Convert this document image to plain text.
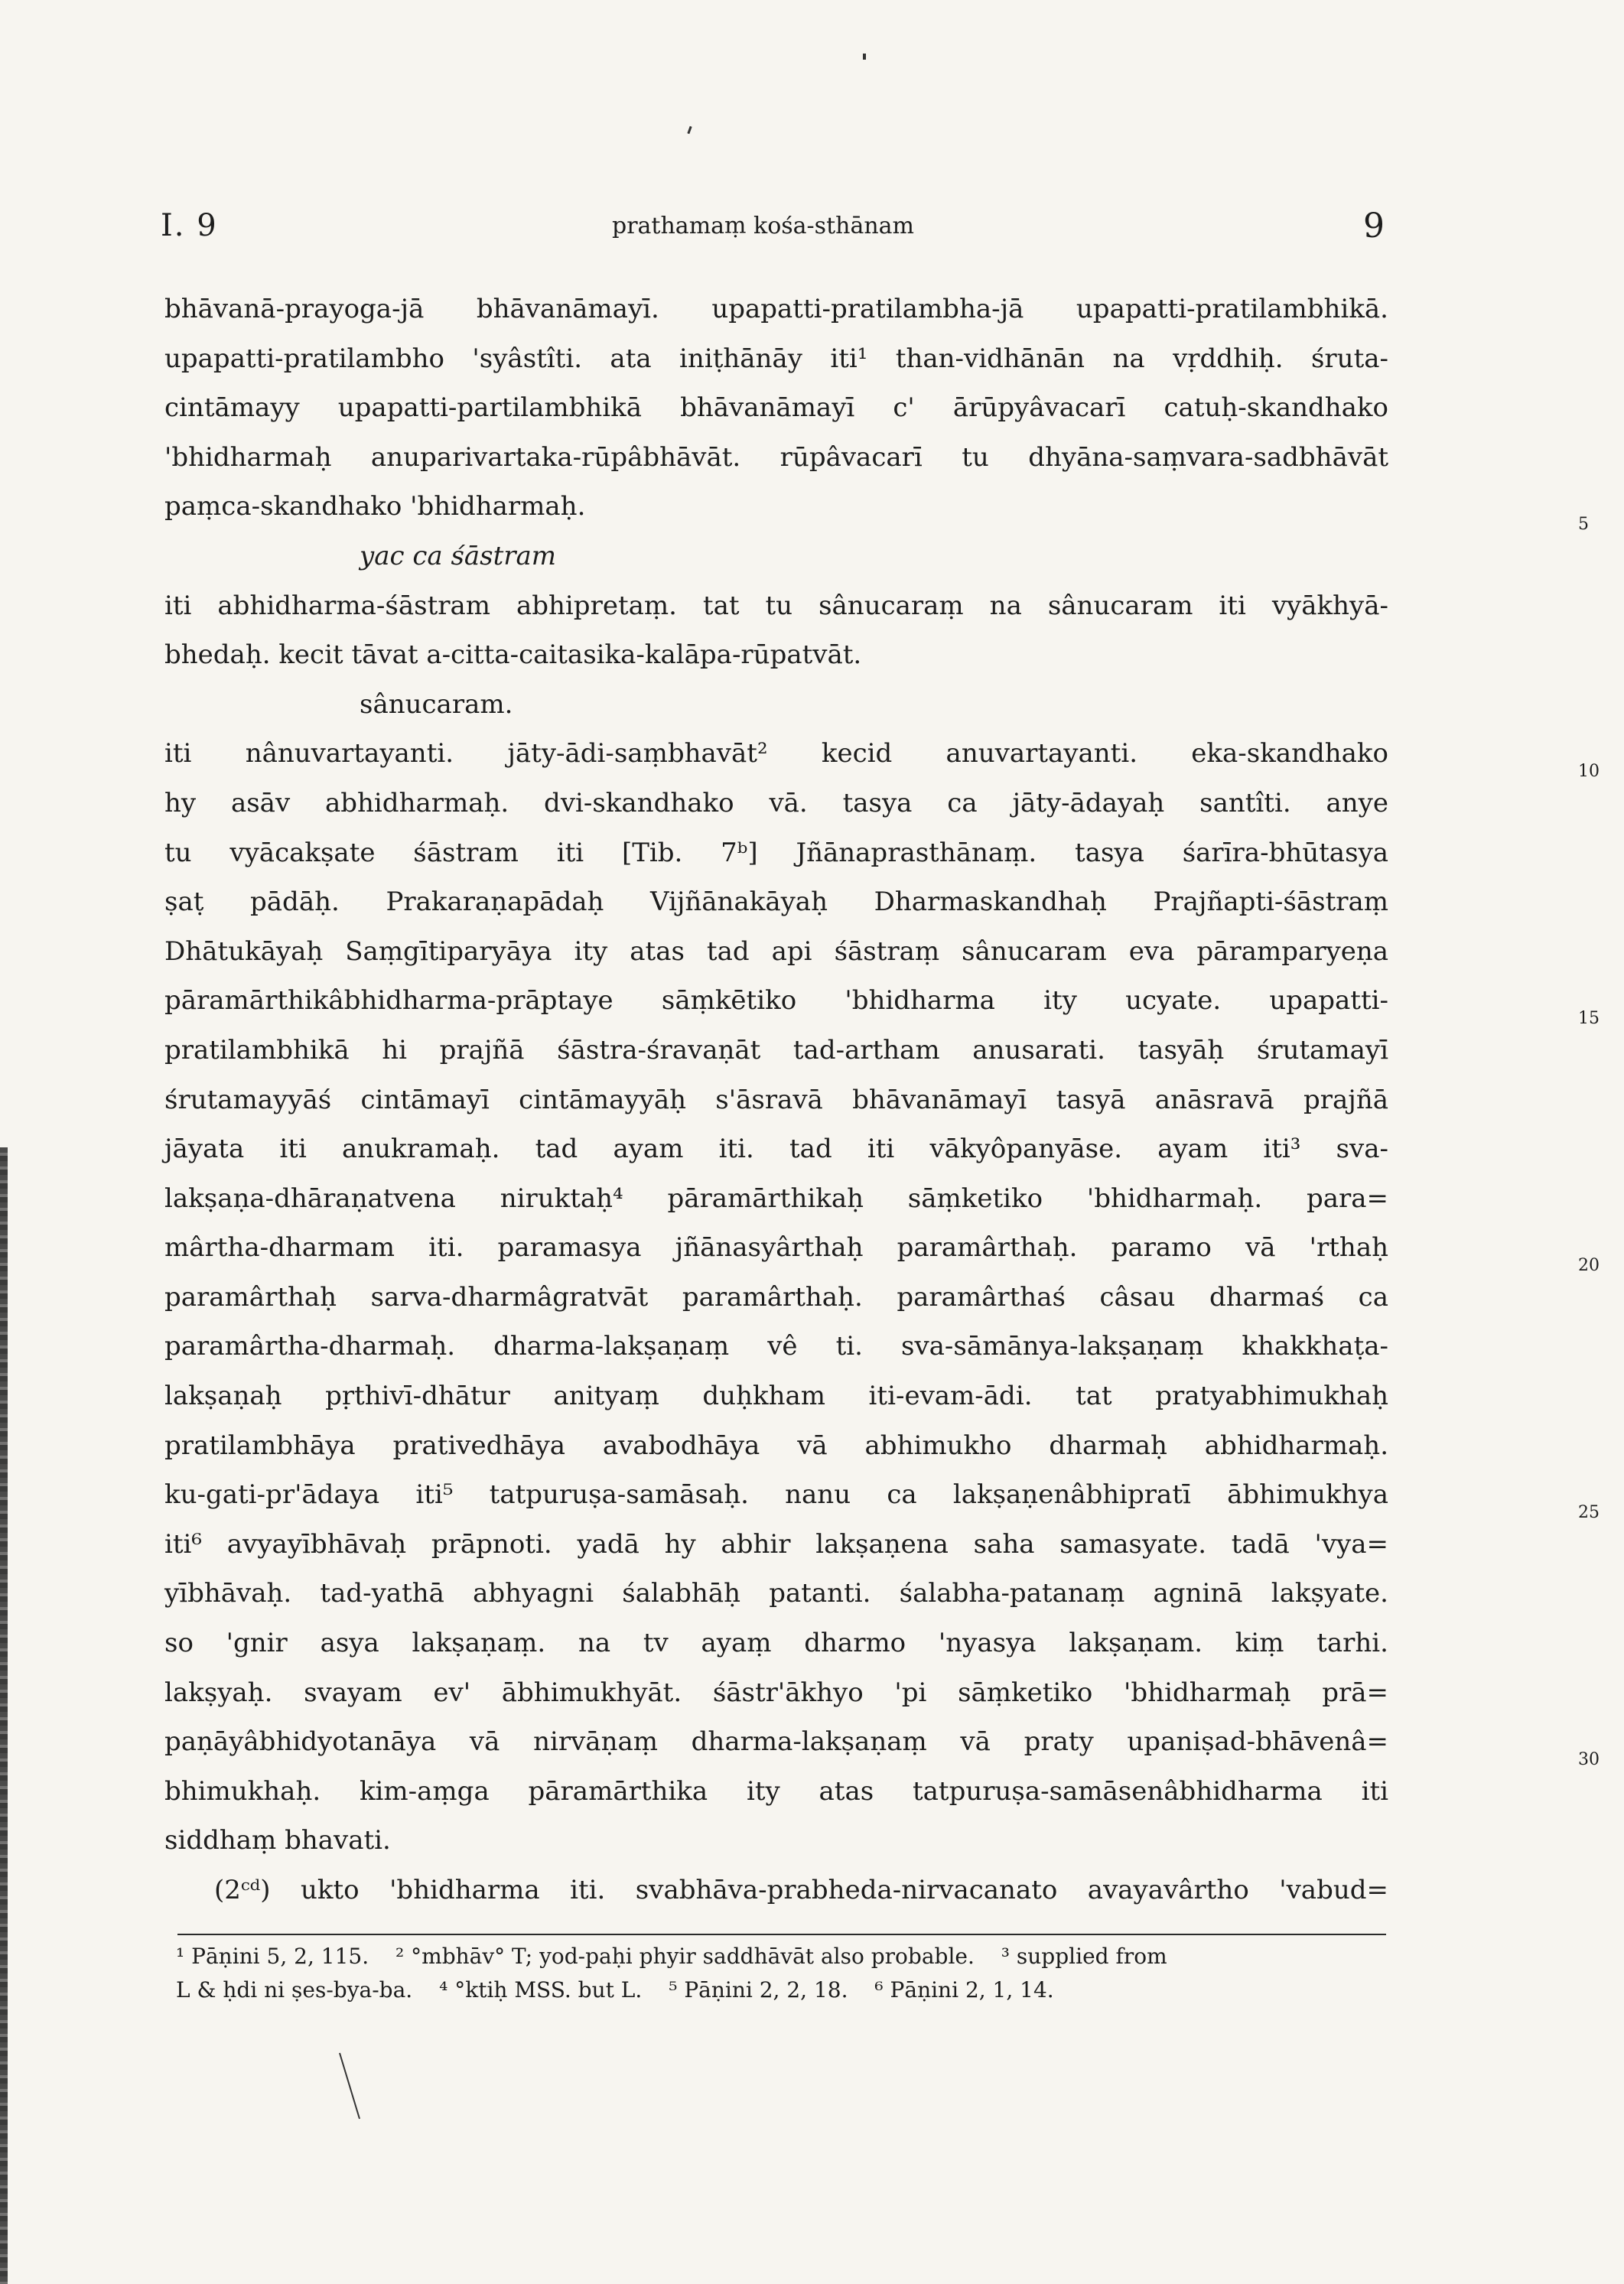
I. 9	prathamaṃ kośa-sthānam	9
bhāvanā-prayoga-jā bhāvanāmayī. upapatti-pratilambha-jā upapatti-pratilambhikā.
upapatti-pratilambho 'syâstîti. ata iniṭhānāy iti¹ than-vidhānān na vṛddhiḥ. śruta-
cintāmayy upapatti-partilambhikā bhāvanāmayī c' ārūpyâvacarī catuḥ-skandhako
'bhidharmaḥ anuparivartaka-rūpâbhāvāt. rūpâvacarī tu dhyāna-saṃvara-sadbhāvāt
paṃca-skandhako 'bhidharmaḥ.
yac ca śāstram
iti abhidharma-śāstram abhipretaṃ. tat tu sânucaraṃ na sânucaram iti vyākhyā-
bhedaḥ. kecit tāvat a-citta-caitasika-kalāpa-rūpatvāt.
sânucaram.
iti nânuvartayanti. jāty-ādi-saṃbhavāt² kecid anuvartayanti. eka-skandhako
hy asāv abhidharmaḥ. dvi-skandhako vā. tasya ca jāty-ādayaḥ santîti. anye
tu vyācakṣate śāstram iti [Tib. 7ᵇ] Jñānaprasthānaṃ. tasya śarīra-bhūtasya
ṣaṭ pādāḥ. Prakaraṇapādaḥ Vijñānakāyaḥ Dharmaskandhaḥ Prajñapti-śāstraṃ
Dhātukāyaḥ Saṃgītiparyāya ity atas tad api śāstraṃ sânucaram eva pāramparyeṇa
pāramārthikâbhidharma-prāptaye sāṃkētiko 'bhidharma ity ucyate. upapatti-
pratilambhikā hi prajñā śāstra-śravaṇāt tad-artham anusarati. tasyāḥ śrutamayī
śrutamayyāś cintāmayī cintāmayyāḥ s'āsravā bhāvanāmayī tasyā anāsravā prajñā
jāyata iti anukramaḥ. tad ayam iti. tad iti vākyôpanyāse. ayam iti³ sva-
lakṣaṇa-dhāraṇatvena niruktaḥ⁴ pāramārthikaḥ sāṃketiko 'bhidharmaḥ. para=
mârtha-dharmam iti. paramasya jñānasyârthaḥ paramârthaḥ. paramo vā 'rthaḥ
paramârthaḥ sarva-dharmâgratvāt paramârthaḥ. paramârthaś câsau dharmaś ca
paramârtha-dharmaḥ. dharma-lakṣaṇaṃ vê ti. sva-sāmānya-lakṣaṇaṃ khakkhaṭa-
lakṣaṇaḥ pṛthivī-dhātur anityaṃ duḥkham iti-evam-ādi. tat pratyabhimukhaḥ
pratilambhāya prativedhāya avabodhāya vā abhimukho dharmaḥ abhidharmaḥ.
ku-gati-pr'ādaya iti⁵ tatpuruṣa-samāsaḥ. nanu ca lakṣaṇenâbhipratī ābhimukhya
iti⁶ avyayībhāvaḥ prāpnoti. yadā hy abhir lakṣaṇena saha samasyate. tadā 'vya=
yībhāvaḥ. tad-yathā abhyagni śalabhāḥ patanti. śalabha-patanaṃ agninā lakṣyate.
so 'gnir asya lakṣaṇaṃ. na tv ayaṃ dharmo 'nyasya lakṣaṇam. kiṃ tarhi.
lakṣyaḥ. svayam ev' ābhimukhyāt. śāstr'ākhyo 'pi sāṃketiko 'bhidharmaḥ prā=
paṇāyâbhidyotanāya vā nirvāṇaṃ dharma-lakṣaṇaṃ vā praty upaniṣad-bhāvenâ=
bhimukhaḥ. kim-aṃga pāramārthika ity atas tatpuruṣa-samāsenâbhidharma iti
siddhaṃ bhavati.
(2ᶜᵈ) ukto 'bhidharma iti. svabhāva-prabheda-nirvacanato avayavârtho 'vabud=
5
10
15
20
25
30
¹ Pāṇini 5, 2, 115. ² °mbhāv° T; yod-paḥi phyir saddhāvāt also probable. ³ supplied from
L & ḥdi ni ṣes-bya-ba. ⁴ °ktiḥ MSS. but L. ⁵ Pāṇini 2, 2, 18. ⁶ Pāṇini 2, 1, 14.
